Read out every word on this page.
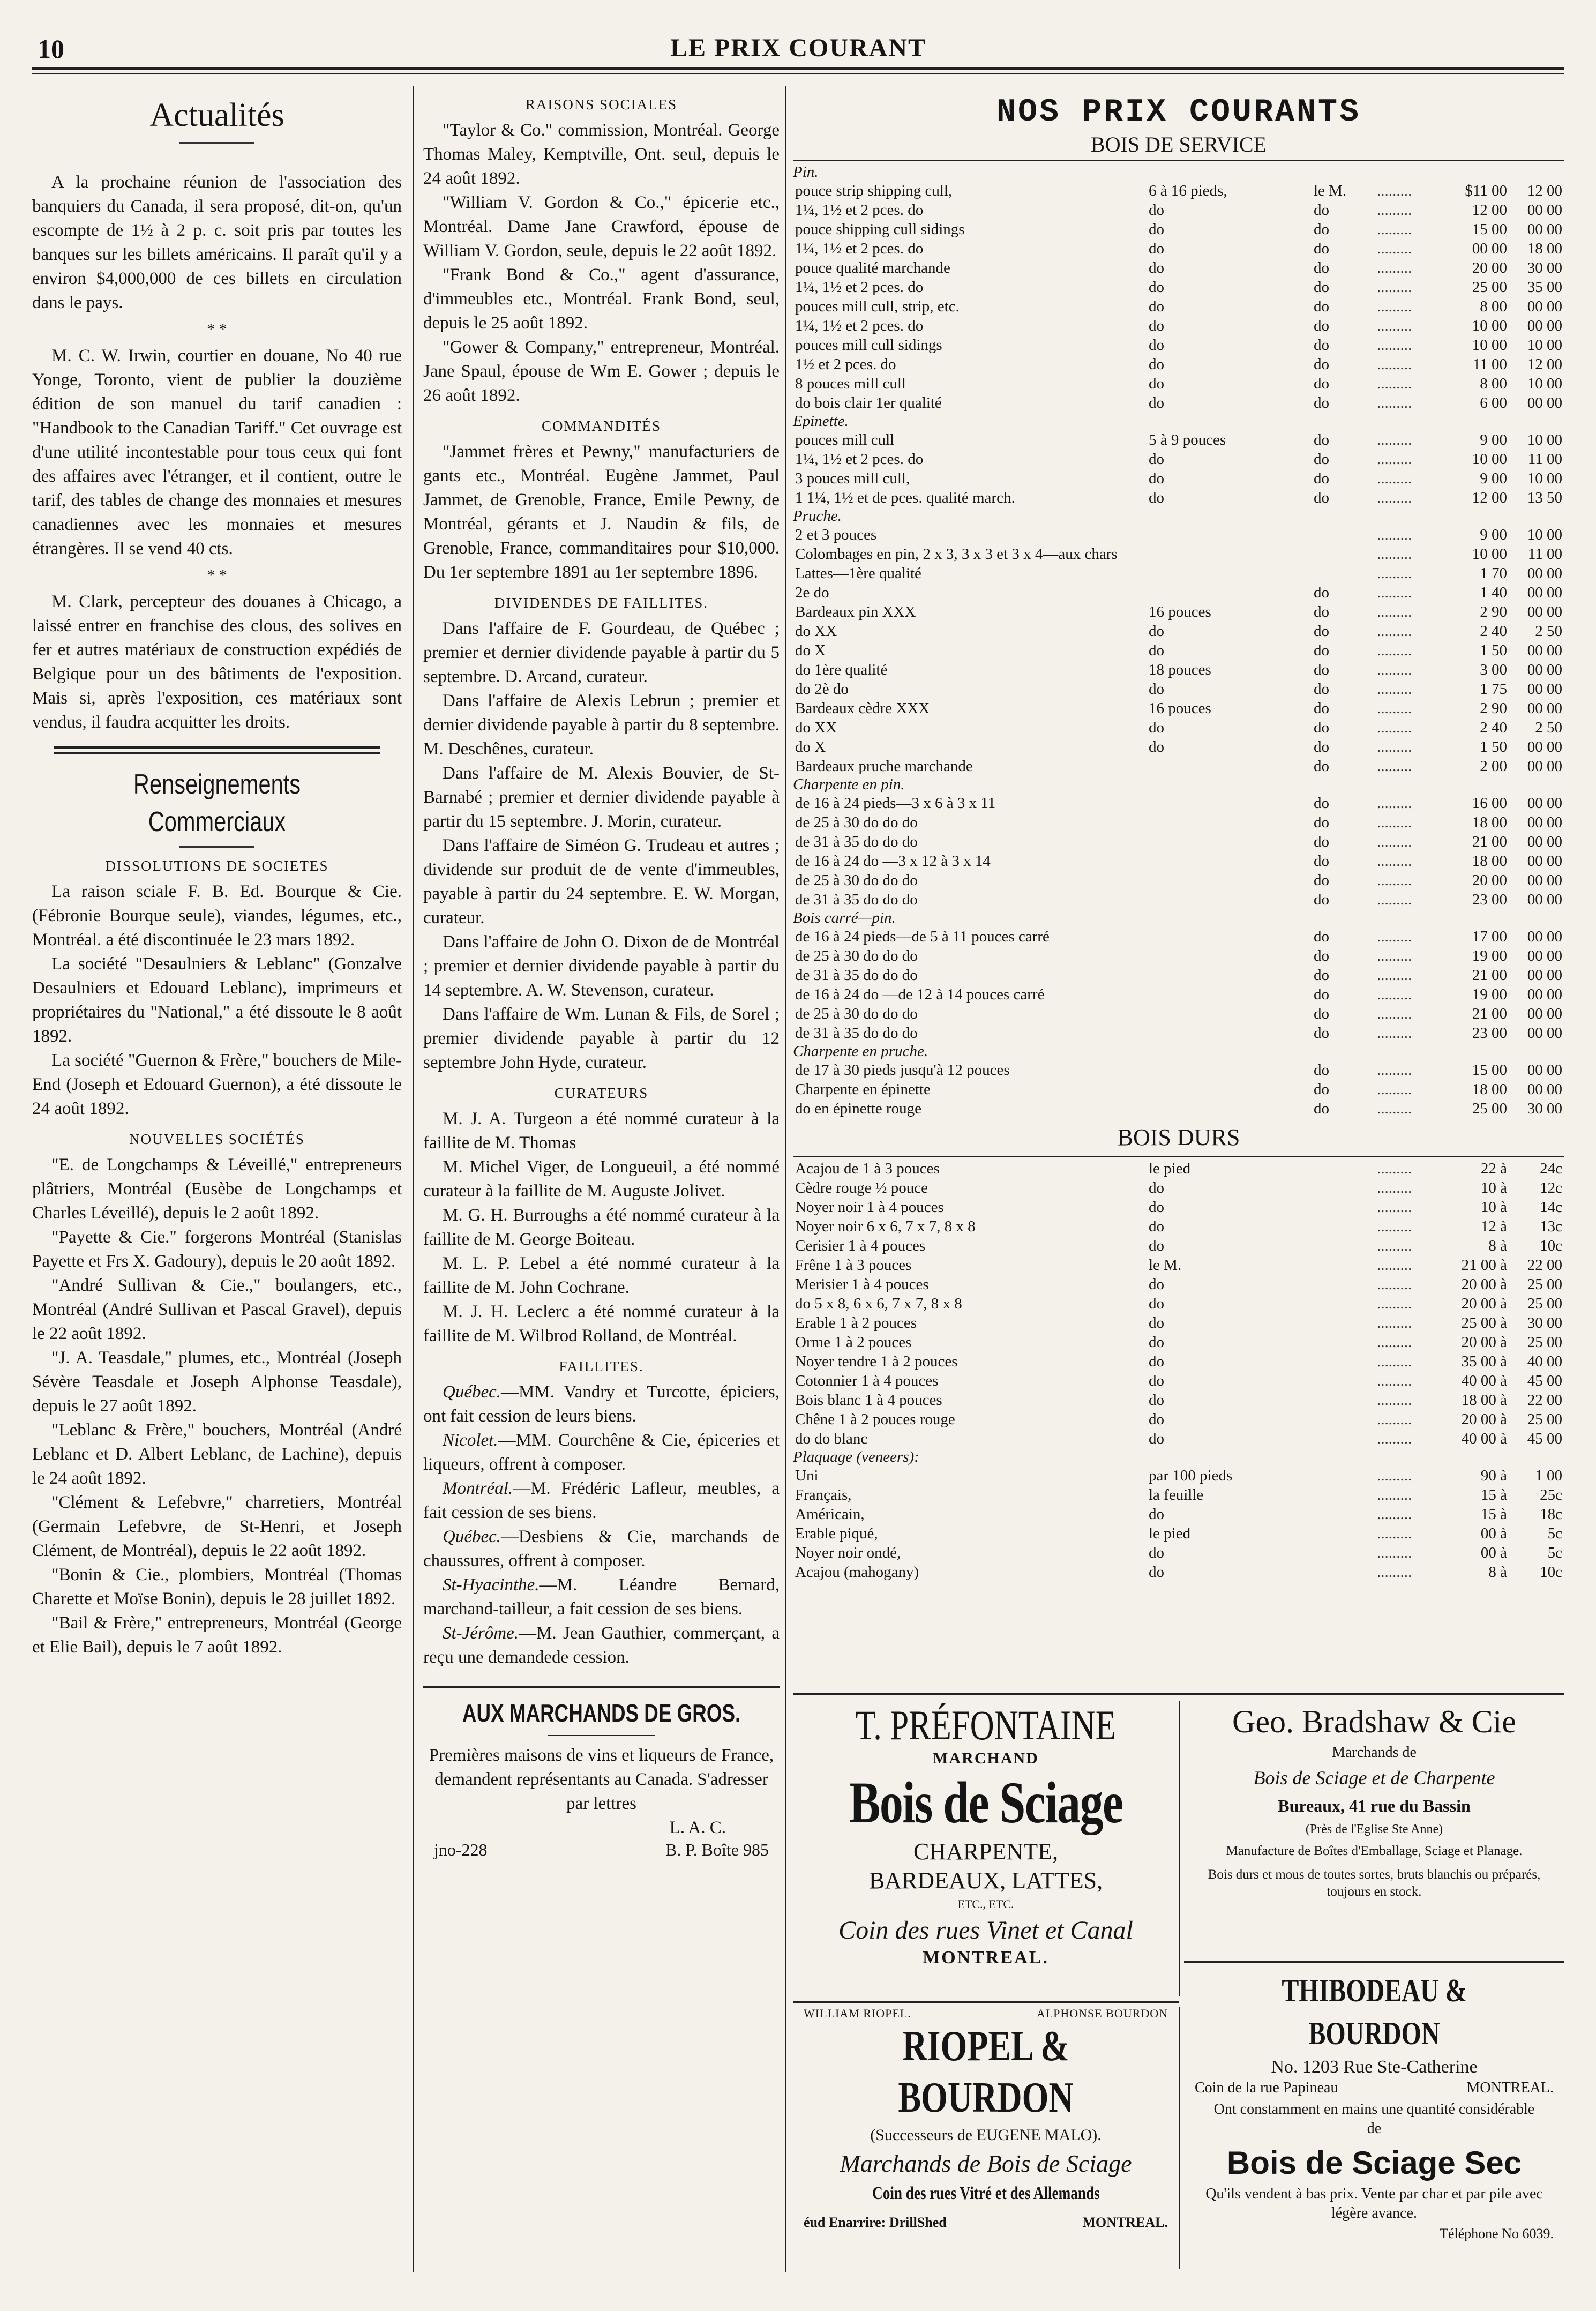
10	LE PRIX COURANT
Actualités

A la prochaine réunion de l'association des banquiers du Canada, il sera proposé, dit-on, qu'un escompte de 1½ à 2 p. c. soit pris par toutes les banques sur les billets américains. Il paraît qu'il y a environ $4,000,000 de ces billets en circulation dans le pays.

* *

M. C. W. Irwin, courtier en douane, No 40 rue Yonge, Toronto, vient de publier la douzième édition de son manuel du tarif canadien : "Handbook to the Canadian Tariff." Cet ouvrage est d'une utilité incontestable pour tous ceux qui font des affaires avec l'étranger, et il contient, outre le tarif, des tables de change des monnaies et mesures canadiennes avec les monnaies et mesures étrangères. Il se vend 40 cts.

* *

M. Clark, percepteur des douanes à Chicago, a laissé entrer en franchise des clous, des solives en fer et autres matériaux de construction expédiés de Belgique pour un des bâtiments de l'exposition. Mais si, après l'exposition, ces matériaux sont vendus, il faudra acquitter les droits.

Renseignements Commerciaux
DISSOLUTIONS DE SOCIETES

La raison sciale F. B. Ed. Bourque & Cie. (Fébronie Bourque seule), viandes, légumes, etc., Montréal. a été discontinuée le 23 mars 1892.

La société "Desaulniers & Leblanc" (Gonzalve Desaulniers et Edouard Leblanc), imprimeurs et propriétaires du "National," a été dissoute le 8 août 1892.

La société "Guernon & Frère," bouchers de Mile-End (Joseph et Edouard Guernon), a été dissoute le 24 août 1892.

NOUVELLES SOCIÉTÉS

"E. de Longchamps & Léveillé," entrepreneurs plâtriers, Montréal (Eusèbe de Longchamps et Charles Léveillé), depuis le 2 août 1892.

"Payette & Cie." forgerons Montréal (Stanislas Payette et Frs X. Gadoury), depuis le 20 août 1892.

"André Sullivan & Cie.," boulangers, etc., Montréal (André Sullivan et Pascal Gravel), depuis le 22 août 1892.

"J. A. Teasdale," plumes, etc., Montréal (Joseph Sévère Teasdale et Joseph Alphonse Teasdale), depuis le 27 août 1892.

"Leblanc & Frère," bouchers, Montréal (André Leblanc et D. Albert Leblanc, de Lachine), depuis le 24 août 1892.

"Clément & Lefebvre," charretiers, Montréal (Germain Lefebvre, de St-Henri, et Joseph Clément, de Montréal), depuis le 22 août 1892.

"Bonin & Cie., plombiers, Montréal (Thomas Charette et Moïse Bonin), depuis le 28 juillet 1892.

"Bail & Frère," entrepreneurs, Montréal (George et Elie Bail), depuis le 7 août 1892.

RAISONS SOCIALES

"Taylor & Co." commission, Montréal. George Thomas Maley, Kemptville, Ont. seul, depuis le 24 août 1892.

"William V. Gordon & Co.," épicerie etc., Montréal. Dame Jane Crawford, épouse de William V. Gordon, seule, depuis le 22 août 1892.

"Frank Bond & Co.," agent d'assurance, d'immeubles etc., Montréal. Frank Bond, seul, depuis le 25 août 1892.

"Gower & Company," entrepreneur, Montréal. Jane Spaul, épouse de Wm E. Gower ; depuis le 26 août 1892.

COMMANDITÉS

"Jammet frères et Pewny," manufacturiers de gants etc., Montréal. Eugène Jammet, Paul Jammet, de Grenoble, France, Emile Pewny, de Montréal, gérants et J. Naudin & fils, de Grenoble, France, commanditaires pour $10,000. Du 1er septembre 1891 au 1er septembre 1896.

DIVIDENDES DE FAILLITES.

Dans l'affaire de F. Gourdeau, de Québec ; premier et dernier dividende payable à partir du 5 septembre. D. Arcand, curateur.

Dans l'affaire de Alexis Lebrun ; premier et dernier dividende payable à partir du 8 septembre. M. Deschênes, curateur.

Dans l'affaire de M. Alexis Bouvier, de St-Barnabé ; premier et dernier dividende payable à partir du 15 septembre. J. Morin, curateur.

Dans l'affaire de Siméon G. Trudeau et autres ; dividende sur produit de de vente d'immeubles, payable à partir du 24 septembre. E. W. Morgan, curateur.

Dans l'affaire de John O. Dixon de de Montréal ; premier et dernier dividende payable à partir du 14 septembre. A. W. Stevenson, curateur.

Dans l'affaire de Wm. Lunan & Fils, de Sorel ; premier dividende payable à partir du 12 septembre John Hyde, curateur.

CURATEURS

M. J. A. Turgeon a été nommé curateur à la faillite de M. Thomas

M. Michel Viger, de Longueuil, a été nommé curateur à la faillite de M. Auguste Jolivet.

M. G. H. Burroughs a été nommé curateur à la faillite de M. George Boiteau.

M. L. P. Lebel a été nommé curateur à la faillite de M. John Cochrane.

M. J. H. Leclerc a été nommé curateur à la faillite de M. Wilbrod Rolland, de Montréal.

FAILLITES.

Québec.—MM. Vandry et Turcotte, épiciers, ont fait cession de leurs biens.

Nicolet.—MM. Courchêne & Cie, épiceries et liqueurs, offrent à composer.

Montréal.—M. Frédéric Lafleur, meubles, a fait cession de ses biens.

Québec.—Desbiens & Cie, marchands de chaussures, offrent à composer.

St-Hyacinthe.—M. Léandre Bernard, marchand-tailleur, a fait cession de ses biens.

St-Jérôme.—M. Jean Gauthier, commerçant, a reçu une demandede cession.

AUX MARCHANDS DE GROS.

Premières maisons de vins et liqueurs de France, demandent représentants au Canada. S'adresser par lettres

L. A. C.

jno-228	B. P. Boîte 985
NOS PRIX COURANTS
BOIS DE SERVICE
Pin.
pouce strip shipping cull,	6 à 16 pieds,	le M.	.........	$11 00	12 00
1¼, 1½ et 2 pces. do	do	do	.........	12 00	00 00
pouce shipping cull sidings	do	do	.........	15 00	00 00
1¼, 1½ et 2 pces. do	do	do	.........	00 00	18 00
pouce qualité marchande	do	do	.........	20 00	30 00
1¼, 1½ et 2 pces. do	do	do	.........	25 00	35 00
pouces mill cull, strip, etc.	do	do	.........	8 00	00 00
1¼, 1½ et 2 pces. do	do	do	.........	10 00	00 00
pouces mill cull sidings	do	do	.........	10 00	10 00
1½ et 2 pces. do	do	do	.........	11 00	12 00
8 pouces mill cull	do	do	.........	8 00	10 00
do bois clair 1er qualité	do	do	.........	6 00	00 00
Epinette.
pouces mill cull	5 à 9 pouces	do	.........	9 00	10 00
1¼, 1½ et 2 pces. do	do	do	.........	10 00	11 00
3 pouces mill cull,	do	do	.........	9 00	10 00
1 1¼, 1½ et de pces. qualité march.	do	do	.........	12 00	13 50
Pruche.
2 et 3 pouces			.........	9 00	10 00
Colombages en pin, 2 x 3, 3 x 3 et 3 x 4—aux chars			.........	10 00	11 00
Lattes—1ère qualité			.........	1 70	00 00
2e do		do	.........	1 40	00 00
Bardeaux pin XXX	16 pouces	do	.........	2 90	00 00
do XX	do	do	.........	2 40	2 50
do X	do	do	.........	1 50	00 00
do 1ère qualité	18 pouces	do	.........	3 00	00 00
do 2è do	do	do	.........	1 75	00 00
Bardeaux cèdre XXX	16 pouces	do	.........	2 90	00 00
do XX	do	do	.........	2 40	2 50
do X	do	do	.........	1 50	00 00
Bardeaux pruche marchande		do	.........	2 00	00 00
Charpente en pin.
de 16 à 24 pieds—3 x 6 à 3 x 11		do	.........	16 00	00 00
de 25 à 30 do do do		do	.........	18 00	00 00
de 31 à 35 do do do		do	.........	21 00	00 00
de 16 à 24 do —3 x 12 à 3 x 14		do	.........	18 00	00 00
de 25 à 30 do do do		do	.........	20 00	00 00
de 31 à 35 do do do		do	.........	23 00	00 00
Bois carré—pin.
de 16 à 24 pieds—de 5 à 11 pouces carré		do	.........	17 00	00 00
de 25 à 30 do do do		do	.........	19 00	00 00
de 31 à 35 do do do		do	.........	21 00	00 00
de 16 à 24 do —de 12 à 14 pouces carré		do	.........	19 00	00 00
de 25 à 30 do do do		do	.........	21 00	00 00
de 31 à 35 do do do		do	.........	23 00	00 00
Charpente en pruche.
de 17 à 30 pieds jusqu'à 12 pouces		do	.........	15 00	00 00
Charpente en épinette		do	.........	18 00	00 00
do en épinette rouge		do	.........	25 00	30 00
BOIS DURS
Acajou de 1 à 3 pouces	le pied		.........	22 à	24c
Cèdre rouge ½ pouce	do		.........	10 à	12c
Noyer noir 1 à 4 pouces	do		.........	10 à	14c
Noyer noir 6 x 6, 7 x 7, 8 x 8	do		.........	12 à	13c
Cerisier 1 à 4 pouces	do		.........	8 à	10c
Frêne 1 à 3 pouces	le M.		.........	21 00 à	22 00
Merisier 1 à 4 pouces	do		.........	20 00 à	25 00
do 5 x 8, 6 x 6, 7 x 7, 8 x 8	do		.........	20 00 à	25 00
Erable 1 à 2 pouces	do		.........	25 00 à	30 00
Orme 1 à 2 pouces	do		.........	20 00 à	25 00
Noyer tendre 1 à 2 pouces	do		.........	35 00 à	40 00
Cotonnier 1 à 4 pouces	do		.........	40 00 à	45 00
Bois blanc 1 à 4 pouces	do		.........	18 00 à	22 00
Chêne 1 à 2 pouces rouge	do		.........	20 00 à	25 00
do do blanc	do		.........	40 00 à	45 00
Plaquage (veneers):
Uni	par 100 pieds		.........	90 à	1 00
Français,	la feuille		.........	15 à	25c
Américain,	do		.........	15 à	18c
Erable piqué,	le pied		.........	00 à	5c
Noyer noir ondé,	do		.........	00 à	5c
Acajou (mahogany)	do		.........	8 à	10c
T. PRÉFONTAINE
MARCHAND
Bois de Sciage
CHARPENTE,
BARDEAUX, LATTES,
ETC., ETC.
Coin des rues Vinet et Canal
MONTREAL.
Geo. Bradshaw & Cie
Marchands de
Bois de Sciage et de Charpente
Bureaux, 41 rue du Bassin
(Près de l'Eglise Ste Anne)
Manufacture de Boîtes d'Emballage, Sciage et Planage.
Bois durs et mous de toutes sortes, bruts blanchis ou préparés, toujours en stock.
THIBODEAU & BOURDON
No. 1203 Rue Ste-Catherine
Coin de la rue Papineau	MONTREAL.
Ont constamment en mains une quantité considérable de
Bois de Sciage Sec
Qu'ils vendent à bas prix. Vente par char et par pile avec légère avance.
Téléphone No 6039.
WILLIAM RIOPEL.	ALPHONSE BOURDON
RIOPEL & BOURDON
(Successeurs de EUGENE MALO).
Marchands de Bois de Sciage
Coin des rues Vitré et des Allemands
éud Enarrire: DrillShed	MONTREAL.
